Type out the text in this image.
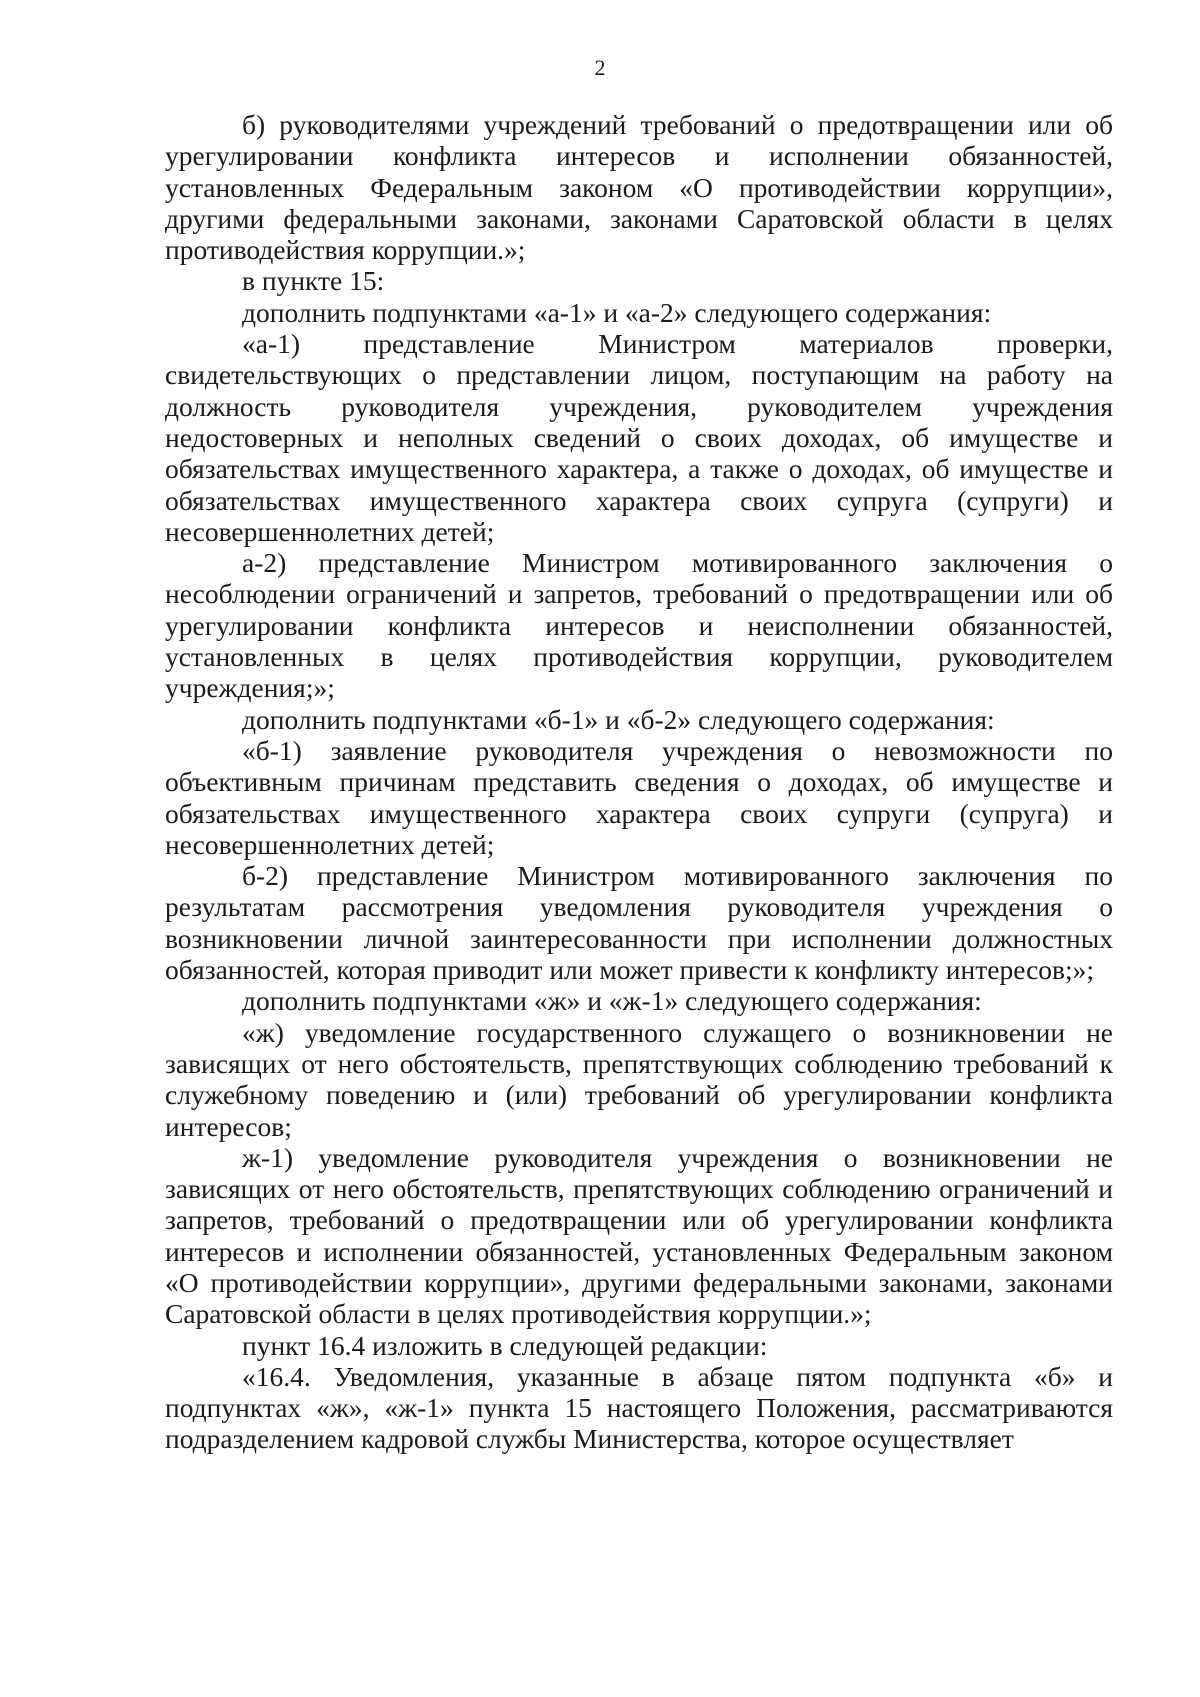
2

б) руководителями учреждений требований о предотвращении или об урегулировании конфликта интересов и исполнении обязанностей, установленных Федеральным законом «О противодействии коррупции», другими федеральными законами, законами Саратовской области в целях противодействия коррупции.»;

в пункте 15:

дополнить подпунктами «а-1» и «а-2» следующего содержания:

«а-1) представление Министром материалов проверки, свидетельствующих о представлении лицом, поступающим на работу на должность руководителя учреждения, руководителем учреждения недостоверных и неполных сведений о своих доходах, об имуществе и обязательствах имущественного характера, а также о доходах, об имуществе и обязательствах имущественного характера своих супруга (супруги) и несовершеннолетних детей;

а-2) представление Министром мотивированного заключения о несоблюдении ограничений и запретов, требований о предотвращении или об урегулировании конфликта интересов и неисполнении обязанностей, установленных в целях противодействия коррупции, руководителем учреждения;»;

дополнить подпунктами «б-1» и «б-2» следующего содержания:

«б-1) заявление руководителя учреждения о невозможности по объективным причинам представить сведения о доходах, об имуществе и обязательствах имущественного характера своих супруги (супруга) и несовершеннолетних детей;

б-2) представление Министром мотивированного заключения по результатам рассмотрения уведомления руководителя учреждения о возникновении личной заинтересованности при исполнении должностных обязанностей, которая приводит или может привести к конфликту интересов;»;

дополнить подпунктами «ж» и «ж-1» следующего содержания:

«ж) уведомление государственного служащего о возникновении не зависящих от него обстоятельств, препятствующих соблюдению требований к служебному поведению и (или) требований об урегулировании конфликта интересов;

ж-1) уведомление руководителя учреждения о возникновении не зависящих от него обстоятельств, препятствующих соблюдению ограничений и запретов, требований о предотвращении или об урегулировании конфликта интересов и исполнении обязанностей, установленных Федеральным законом «О противодействии коррупции», другими федеральными законами, законами Саратовской области в целях противодействия коррупции.»;

пункт 16.4 изложить в следующей редакции:

«16.4. Уведомления, указанные в абзаце пятом подпункта «б» и подпунктах «ж», «ж-1» пункта 15 настоящего Положения, рассматриваются подразделением кадровой службы Министерства, которое осуществляет
